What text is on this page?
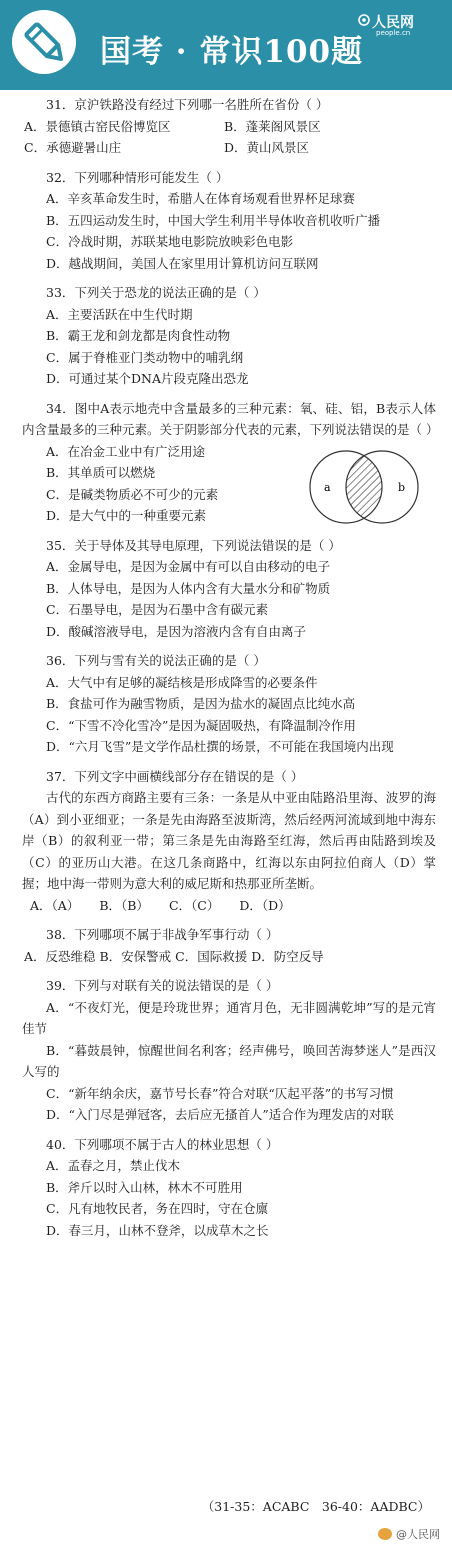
国考 · 常识100题
人民网
people.cn
31．京沪铁路没有经过下列哪一名胜所在省份（ ）
A．景德镇古窑民俗博览区	B．蓬莱阁风景区
C．承德避暑山庄	D．黄山风景区
32．下列哪种情形可能发生（ ）
A．辛亥革命发生时，希腊人在体育场观看世界杯足球赛
B．五四运动发生时，中国大学生利用半导体收音机收听广播
C．冷战时期，苏联某地电影院放映彩色电影
D．越战期间，美国人在家里用计算机访问互联网
33．下列关于恐龙的说法正确的是（ ）
A．主要活跃在中生代时期
B．霸王龙和剑龙都是肉食性动物
C．属于脊椎亚门类动物中的哺乳纲
D．可通过某个DNA片段克隆出恐龙
34．图中A表示地壳中含量最多的三种元素：氧、硅、铝，B表示人体内含量最多的三种元素。关于阴影部分代表的元素，下列说法错误的是（ ）
A．在冶金工业中有广泛用途
B．其单质可以燃烧
C．是碱类物质必不可少的元素
D．是大气中的一种重要元素
a	b
35．关于导体及其导电原理，下列说法错误的是（ ）
A．金属导电，是因为金属中有可以自由移动的电子
B．人体导电，是因为人体内含有大量水分和矿物质
C．石墨导电，是因为石墨中含有碳元素
D．酸碱溶液导电，是因为溶液内含有自由离子
36．下列与雪有关的说法正确的是（ ）
A．大气中有足够的凝结核是形成降雪的必要条件
B．食盐可作为融雪物质，是因为盐水的凝固点比纯水高
C．“下雪不冷化雪冷”是因为凝固吸热，有降温制冷作用
D．“六月飞雪”是文学作品杜撰的场景，不可能在我国境内出现
37．下列文字中画横线部分存在错误的是（ ）
古代的东西方商路主要有三条：一条是从中亚由陆路沿里海、波罗的海（A）到小亚细亚；一条是先由海路至波斯湾，然后经两河流域到地中海东岸（B）的叙利亚一带；第三条是先由海路至红海，然后再由陆路到埃及（C）的亚历山大港。在这几条商路中，红海以东由阿拉伯商人（D）掌握；地中海一带则为意大利的威尼斯和热那亚所垄断。
A．（A） B．（B） C．（C） D．（D）
38．下列哪项不属于非战争军事行动（ ）
A．反恐维稳 B．安保警戒 C．国际救援 D．防空反导
39．下列与对联有关的说法错误的是（ ）
A．“不夜灯光，便是玲珑世界；通宵月色，无非圆满乾坤”写的是元宵佳节
B．“暮鼓晨钟，惊醒世间名利客；经声佛号，唤回苦海梦迷人”是西汉人写的
C．“新年纳余庆，嘉节号长春”符合对联“仄起平落”的书写习惯
D．“入门尽是弹冠客，去后应无搔首人”适合作为理发店的对联
40．下列哪项不属于古人的林业思想（ ）
A．孟春之月，禁止伐木
B．斧斤以时入山林，林木不可胜用
C．凡有地牧民者，务在四时，守在仓廪
D．春三月，山林不登斧，以成草木之长
（31-35：ACABC　36-40：AADBC）
@人民网
